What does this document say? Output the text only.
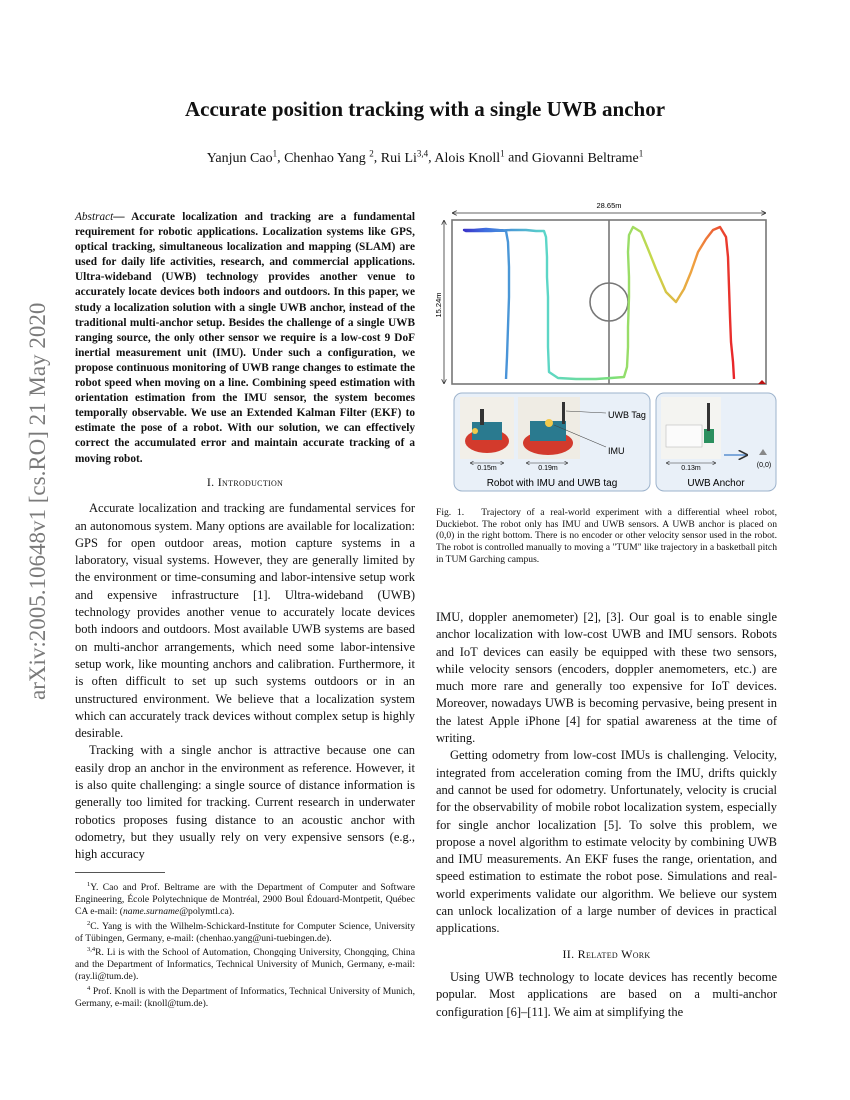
arXiv:2005.10648v1 [cs.RO] 21 May 2020
Accurate position tracking with a single UWB anchor
Yanjun Cao$^1$, Chenhao Yang $^2$, Rui Li$^{3,4}$, Alois Knoll$^1$ and Giovanni Beltrame$^1$
Abstract— Accurate localization and tracking are a fundamental requirement for robotic applications. Localization systems like GPS, optical tracking, simultaneous localization and mapping (SLAM) are used for daily life activities, research, and commercial applications. Ultra-wideband (UWB) technology provides another venue to accurately locate devices both indoors and outdoors. In this paper, we study a localization solution with a single UWB anchor, instead of the traditional multi-anchor setup. Besides the challenge of a single UWB ranging source, the only other sensor we require is a low-cost 9 DoF inertial measurement unit (IMU). Under such a configuration, we propose continuous monitoring of UWB range changes to estimate the robot speed when moving on a line. Combining speed estimation with orientation estimation from the IMU sensor, the system becomes temporally observable. We use an Extended Kalman Filter (EKF) to estimate the pose of a robot. With our solution, we can effectively correct the accumulated error and maintain accurate tracking of a moving robot.

I. Introduction

Accurate localization and tracking are fundamental services for an autonomous system. Many options are available for localization: GPS for open outdoor areas, motion capture systems in a laboratory, visual systems. However, they are generally limited by the environment or time-consuming and labor-intensive setup work and expensive infrastructure [1]. Ultra-wideband (UWB) technology provides another venue to accurately locate devices both indoors and outdoors. Most available UWB systems are based on multi-anchor arrangements, which need some labor-intensive setup work, like mounting anchors and calibration. Furthermore, it is often difficult to set up such systems outdoors or in an unstructured environment. We believe that a localization system which can accurately track devices without complex setup is highly desirable.

Tracking with a single anchor is attractive because one can easily drop an anchor in the environment as reference. However, it is also quite challenging: a single source of distance information is generally too limited for tracking. Current research in underwater robotics proposes fusing distance to an acoustic anchor with odometry, but they usually rely on very expensive sensors (e.g., high accuracy

$^1$Y. Cao and Prof. Beltrame are with the Department of Computer and Software Engineering, École Polytechnique de Montréal, 2900 Boul Édouard-Montpetit, Québec CA e-mail: (name.surname@polymtl.ca).

$^2$C. Yang is with the Wilhelm-Schickard-Institute for Computer Science, University of Tübingen, Germany, e-mail: (chenhao.yang@uni-tuebingen.de).

$^{3,4}$R. Li is with the School of Automation, Chongqing University, Chongqing, China and the Department of Informatics, Technical University of Munich, Germany, e-mail: (ray.li@tum.de).

$^4$ Prof. Knoll is with the Department of Informatics, Technical University of Munich, Germany, e-mail: (knoll@tum.de).

28.65m
15.24m
0.15m	0.19m
UWB Tag
IMU
0.13m	(0,0)
Robot with IMU and UWB tag	UWB Anchor
Fig. 1. Trajectory of a real-world experiment with a differential wheel robot, Duckiebot. The robot only has IMU and UWB sensors. A UWB anchor is placed on (0,0) in the right bottom. There is no encoder or other velocity sensor used in the robot. The robot is controlled manually to moving a "TUM" like trajectory in a basketball pitch in TUM Garching campus.

IMU, doppler anemometer) [2], [3]. Our goal is to enable single anchor localization with low-cost UWB and IMU sensors. Robots and IoT devices can easily be equipped with these two sensors, while velocity sensors (encoders, doppler anemometers, etc.) are much more rare and generally too expensive for IoT devices. Moreover, nowadays UWB is becoming pervasive, being present in the latest Apple iPhone [4] for spatial awareness at the time of writing.

Getting odometry from low-cost IMUs is challenging. Velocity, integrated from acceleration coming from the IMU, drifts quickly and cannot be used for odometry. Unfortunately, velocity is crucial for the observability of mobile robot localization system, especially for single anchor localization [5]. To solve this problem, we propose a novel algorithm to estimate velocity by combining UWB and IMU measurements. An EKF fuses the range, orientation, and speed estimation to estimate the robot pose. Simulations and real-world experiments validate our algorithm. We believe our system can unlock localization of a large number of devices in practical applications.

II. Related Work

Using UWB technology to locate devices has recently become popular. Most applications are based on a multi-anchor configuration [6]–[11]. We aim at simplifying the
